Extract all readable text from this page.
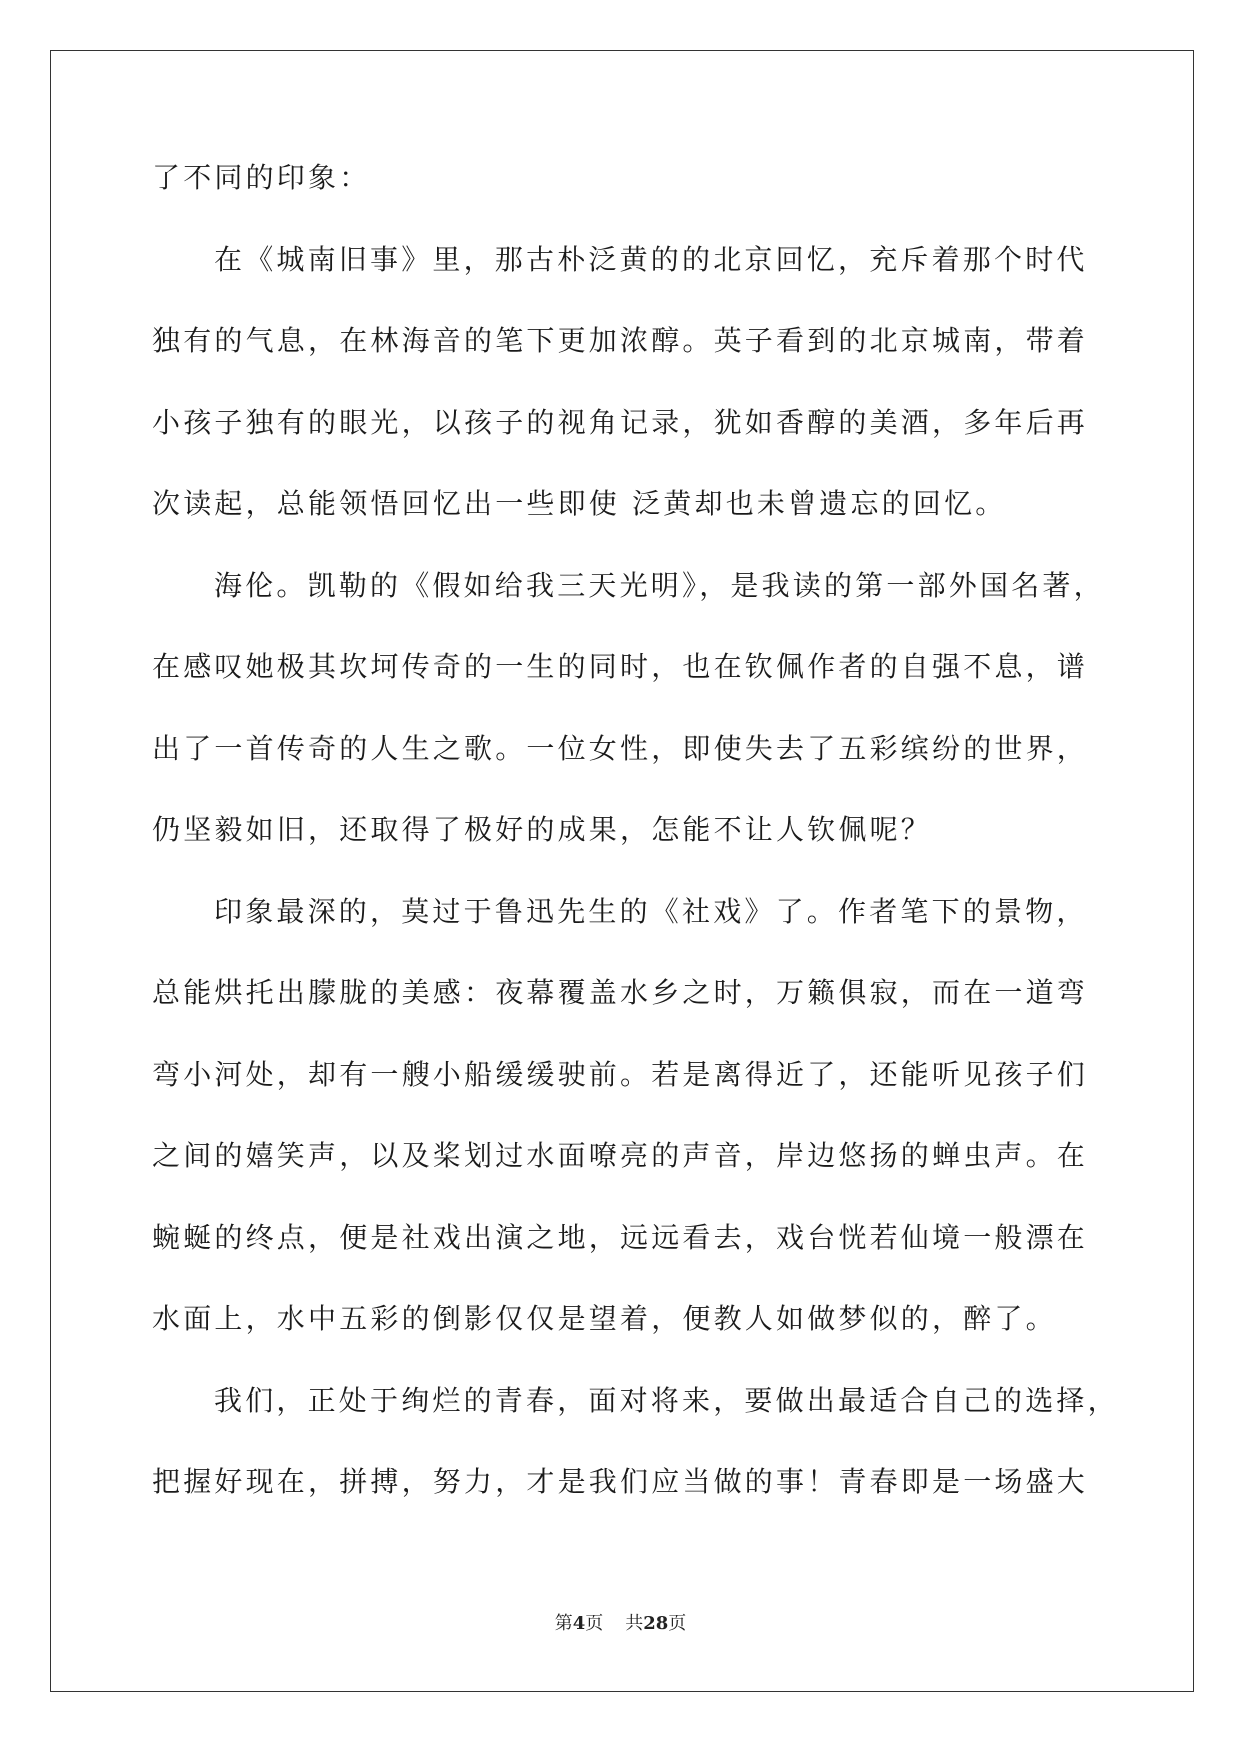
了不同的印象：
在《城南旧事》里，那古朴泛黄的的北京回忆，充斥着那个时代
独有的气息，在林海音的笔下更加浓醇。英子看到的北京城南，带着
小孩子独有的眼光，以孩子的视角记录，犹如香醇的美酒，多年后再
次读起，总能领悟回忆出一些即使 泛黄却也未曾遗忘的回忆。
海伦。凯勒的《假如给我三天光明》，是我读的第一部外国名著，
在感叹她极其坎坷传奇的一生的同时，也在钦佩作者的自强不息，谱
出了一首传奇的人生之歌。一位女性，即使失去了五彩缤纷的世界，
仍坚毅如旧，还取得了极好的成果，怎能不让人钦佩呢？
印象最深的，莫过于鲁迅先生的《社戏》了。作者笔下的景物，
总能烘托出朦胧的美感：夜幕覆盖水乡之时，万籁俱寂，而在一道弯
弯小河处，却有一艘小船缓缓驶前。若是离得近了，还能听见孩子们
之间的嬉笑声，以及桨划过水面嘹亮的声音，岸边悠扬的蝉虫声。在
蜿蜒的终点，便是社戏出演之地，远远看去，戏台恍若仙境一般漂在
水面上，水中五彩的倒影仅仅是望着，便教人如做梦似的，醉了。
我们，正处于绚烂的青春，面对将来，要做出最适合自己的选择，
把握好现在，拼搏，努力，才是我们应当做的事！青春即是一场盛大
第4页 共28页
